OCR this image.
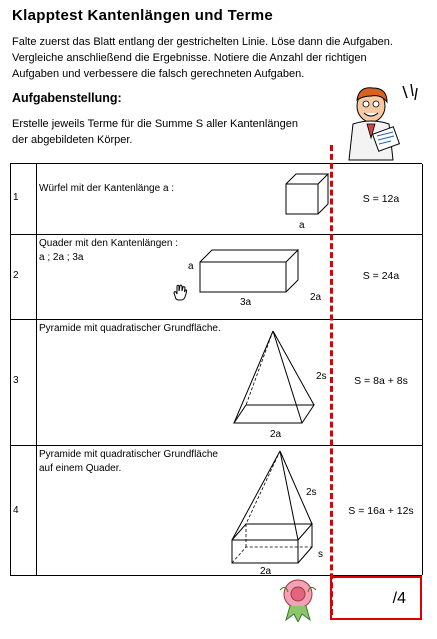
Klapptest Kantenlängen und Terme
Falte zuerst das Blatt entlang der gestrichelten Linie. Löse dann die Aufgaben.
Vergleiche anschließend die Ergebnisse. Notiere die Anzahl der richtigen
Aufgaben und verbessere die falsch gerechneten Aufgaben.
Aufgabenstellung:
Erstelle jeweils Terme für die Summe S aller Kantenlängen
der abgebildeten Körper.
1
Würfel mit der Kantenlänge a :
a
S = 12a
2
Quader mit den Kantenlängen :
a ; 2a ; 3a
a
3a	2a
S = 24a
3
Pyramide mit quadratischer Grundfläche.
2s
2a
S = 8a + 8s
4
Pyramide mit quadratischer Grundfläche
auf einem Quader.
2s
s
2a
S = 16a + 12s
/4
